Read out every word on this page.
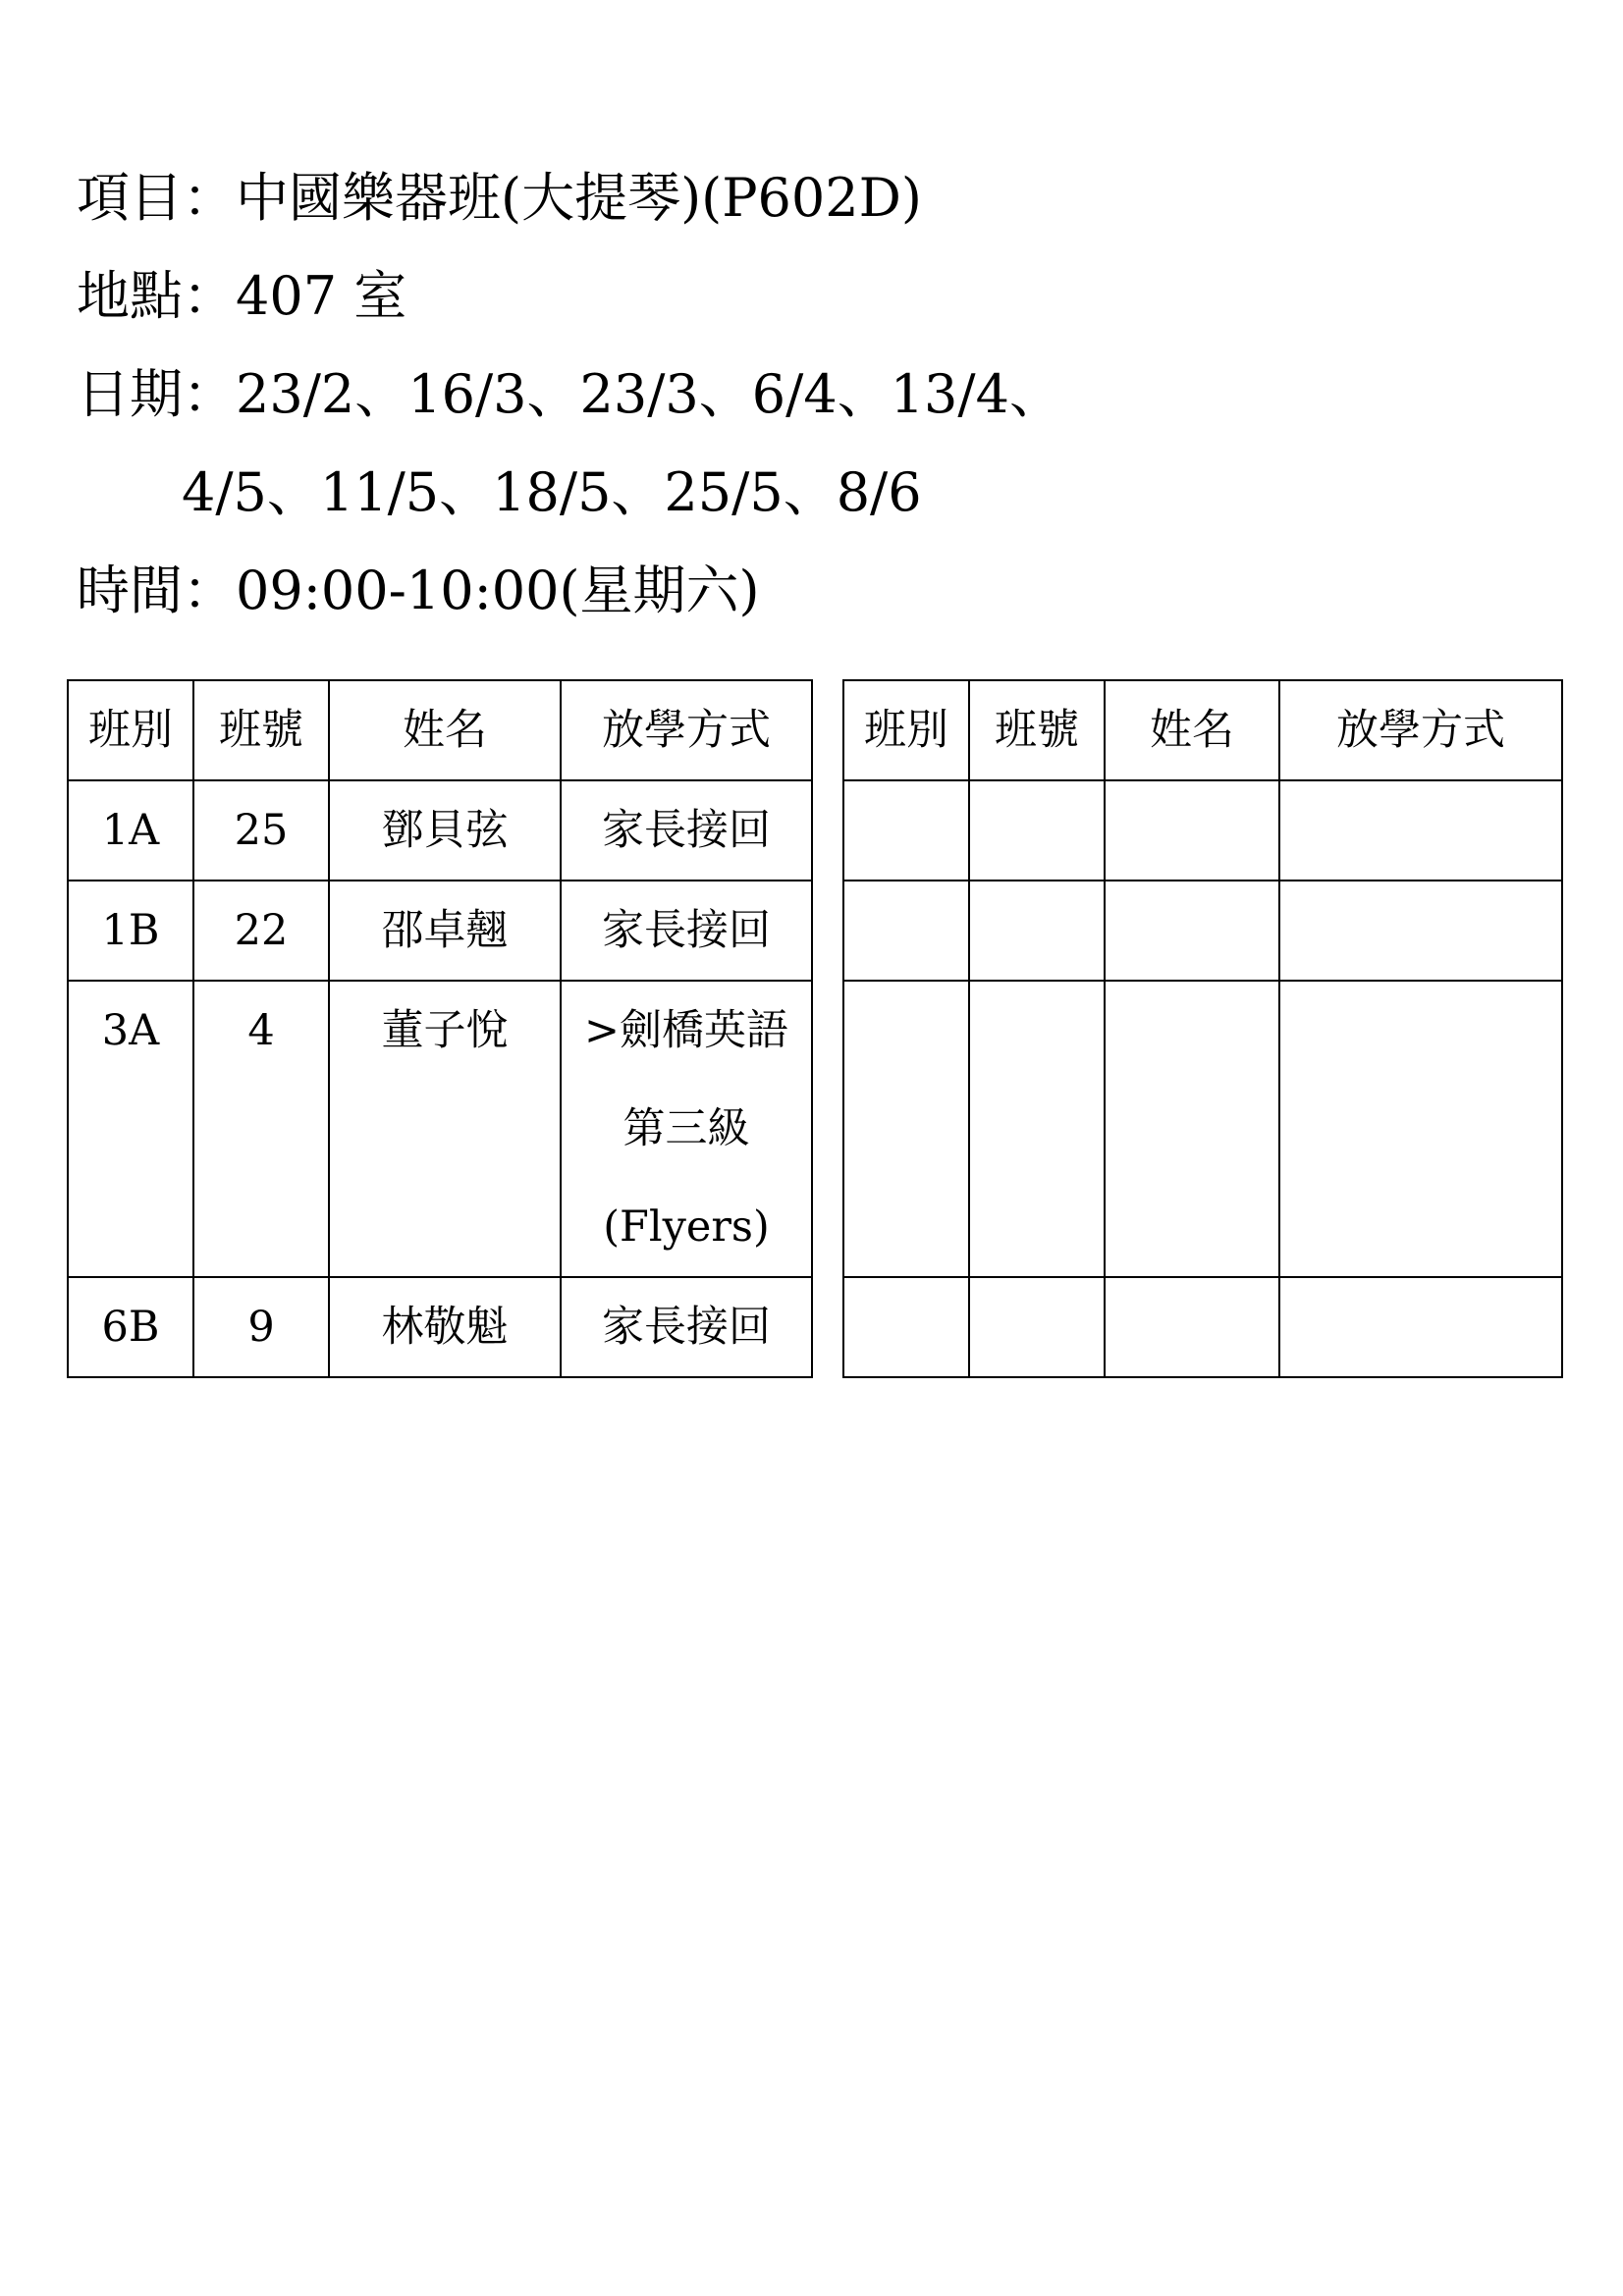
項目：中國樂器班(大提琴)(P602D)
地點：407 室
日期：23/2、16/3、23/3、6/4、13/4、
4/5、11/5、18/5、25/5、8/6
時間：09:00-10:00(星期六)
班別	班號	姓名	放學方式
1A	25	鄧貝弦	家長接回
1B	22	邵卓翹	家長接回
3A	4	董子悅	>劍橋英語
第三級
(Flyers)

6B	9	林敬魁	家長接回
班別	班號	姓名	放學方式
